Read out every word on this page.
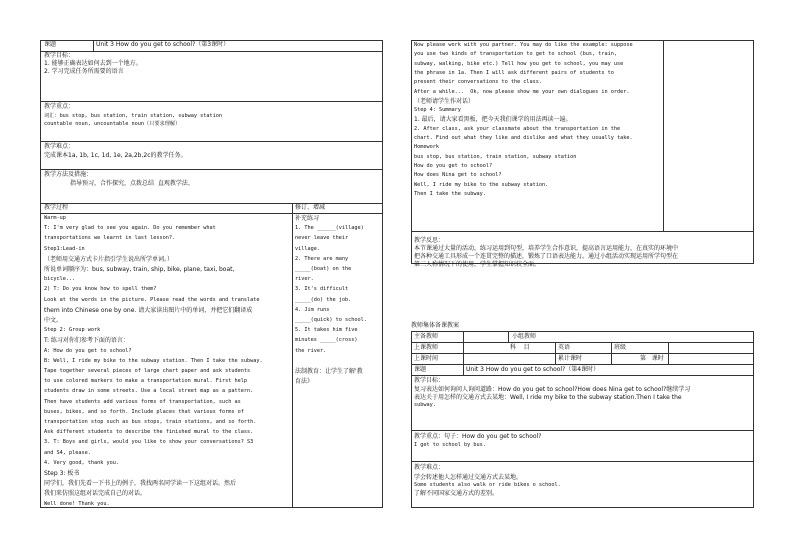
课题	Unit 3 How do you get to school?（第3课时）
教学目标：
1. 能够正确表达如何去到一个地方。
2. 学习完成任务所需要的语言
教学重点：
词汇：bus stop, bus station, train station, subway station
countable noun, uncountable noun（只要求理解）
教学难点：
完成课本1a, 1b, 1c, 1d, 1e, 2a,2b,2c的教学任务。
教学方法及措施：
指导预习，合作探究，点拨总结  直观教学法、
教学过程	修订、增减
Warm-up
T: I'm very glad to see you again. Do you remember what
transportations we learnt in last lesson?.
Step1:Lead-in
（老师用交通方式卡片指引学生说出所学单词。）
所说单词顺序为：bus, subway, train, ship, bike, plane, taxi, boat,
bicycle...
2) T: Do you know how to spell them?
Look at the words in the picture. Please read the words and translate
them into Chinese one by one. 请大家读出图片中的单词，并把它们翻译成
中文。
Step 2: Group work
T: 练习对你们参考下面的语言：
A: How do you get to school?
B: Well, I ride my bike to the subway station. Then I take the subway.
Tape together several pieces of large chart paper and ask students
to use colored markers to make a transportation mural. First help
students draw in some streets. Use a local street map as a pattern.
Then have students add various forms of transportation, such as
buses, bikes, and so forth. Include places that various forms of
transportation stop such as bus stops, train stations, and so forth.
Ask different students to describe the finished mural to the class.
3. T: Boys and girls, would you like to show your conversations? S3
and S4, please.
4. Very good, thank you.
Step 3: 板书
同学们，我们先看一下书上的例子，我找两名同学读一下这组对话。然后
我们来仿照这组对话完成自己的对话。
Well done! Thank you.
补充练习
1. The ______(village)
never leave their
village.
2. There are many
_____(boat) on the
river.
3. It's difficult
_____(do) the job.
4. Jim runs
_____(quick) to school.
5. It takes him five
minutes _____(cross)
the river.
法制教育：让学生了解'教
育法》
Now please work with you partner. You may do like the example: suppose
you use two kinds of transportation to get to school (bus, train,
subway, walking, bike etc.) Tell how you get to school, you may use
the phrase in 1a. Then I will ask different pairs of students to
present their conversations to the class.
After a while...  Ok, now please show me your own dialogues in order.
（老师请学生作对话）
Step 4: Summary
1. 最后，请大家看黑板，把今天我们课学的用法再读一遍。
2. After class, ask your classmate about the transportation in the
chart. Find out what they like and dislike and what they usually take.
Homework
bus stop, bus station, train station, subway station
How do you get to school?
How does Nina get to school?
Well, I ride my bike to the subway station.
Then I take the subway.
教学反思：
本节课通过大量的活动，练习运用到句型，培养学生合作意识，提高语言运用能力，在真实的环境中
把各种交通工具形成一个连贯完整的描述，锻炼了口语表达能力。通过小组活动实现运用所学句型在
第三人称情况下的使用，学生掌握知识较全面。
教师集体备课教案
主备教师	小组教师
上课教师	科    目	英语	班级
上课时间	累计课时	第   课时
课题	Unit 3 How do you get to school?（第4课时）
教学目标：
复习表达如何询问人询问道路：How do you get to school?How does Nina get to school?继续学习
表达关于用怎样的交通方式去某地：Well, I ride my bike to the subway station.Then I take the
subway.
教学重点：句子：How do you get to school?
I get to school by bus.
教学难点：
学会转述他人怎样通过交通方式去某地。
Some students also walk or ride bikes o school.
了解不同国家交通方式的差别。
